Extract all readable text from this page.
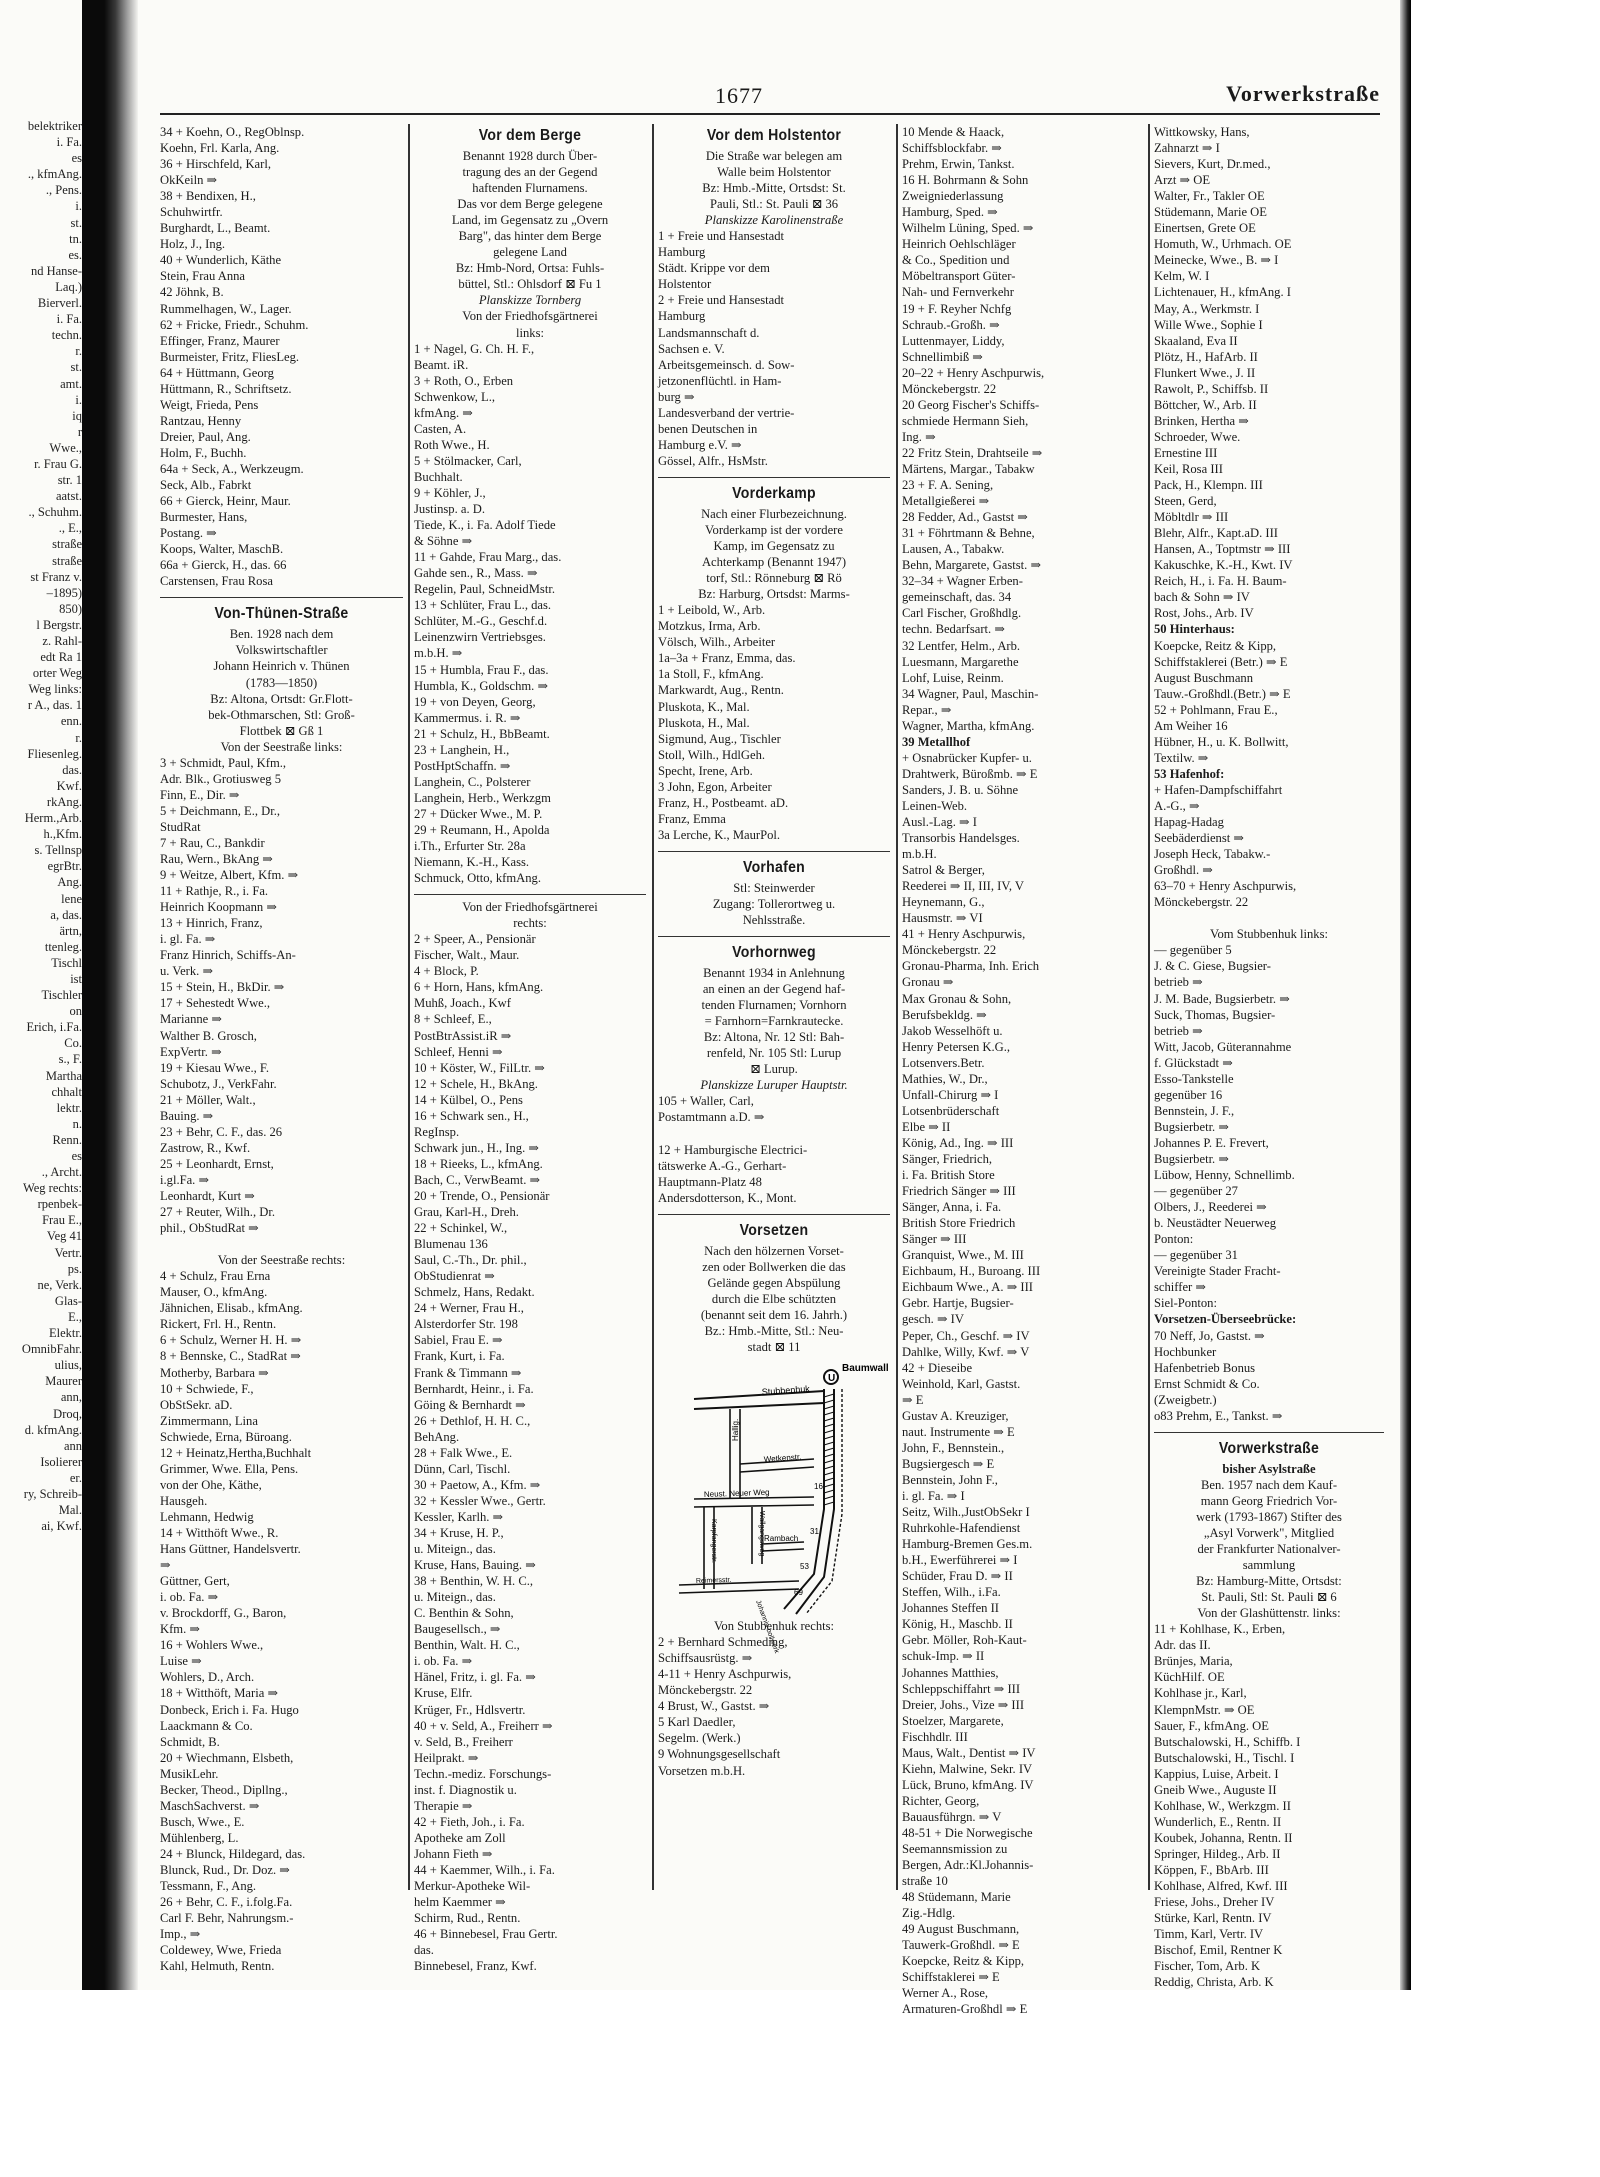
belektriker
i. Fa.
es
., kfmAng.
., Pens.
i.
st.
tn.
es.
nd Hanse-
Laq.)
Bierverl.
i. Fa.
techn.
r.
st.
amt.
i.
iq
r
Wwe.,
r. Frau G.
str. 1
aatst.
., Schuhm.
., E.,
straße
straße
st Franz v.
–1895)
850)
l Bergstr.
z. Rahl-
edt Ra 1
orter Weg
Weg links:
r A., das. 1
enn.
r.
Fliesenleg.
das.
Kwf.
rkAng.
Herm.,Arb.
h.,Kfm.
s. Tellnsp
egrBtr.
Ang.
lene
a, das.
ärtn,
ttenleg.
Tischl
ist
Tischler
on
Erich, i.Fa.
Co.
s., F.
Martha
chhalt
lektr.
n.
Renn.
es
., Archt.
Weg rechts:
rpenbek-
Frau E.,
Veg 41
Vertr.
ps.
ne, Verk.
Glas-
E.,
Elektr.
OmnibFahr.
ulius,
Maurer
ann,
Droq,
d. kfmAng.
ann
Isolierer
er.
ry, Schreib-
Mal.
ai, Kwf.
1677	Vorwerkstraße
34 + Koehn, O., RegOblnsp.
Koehn, Frl. Karla, Ang.
36 + Hirschfeld, Karl,
OkKeiln ⇒
38 + Bendixen, H.,
Schuhwirtfr.
Burghardt, L., Beamt.
Holz, J., Ing.
40 + Wunderlich, Käthe
Stein, Frau Anna
42 Jöhnk, B.
Rummelhagen, W., Lager.
62 + Fricke, Friedr., Schuhm.
Effinger, Franz, Maurer
Burmeister, Fritz, FliesLeg.
64 + Hüttmann, Georg
Hüttmann, R., Schriftsetz.
Weigt, Frieda, Pens
Rantzau, Henny
Dreier, Paul, Ang.
Holm, F., Buchh.
64a + Seck, A., Werkzeugm.
Seck, Alb., Fabrkt
66 + Gierck, Heinr, Maur.
Burmester, Hans,
Postang. ⇒
Koops, Walter, MaschB.
66a + Gierck, H., das. 66
Carstensen, Frau Rosa
Von-Thünen-Straße
Ben. 1928 nach dem
Volkswirtschaftler
Johann Heinrich v. Thünen
(1783—1850)
Bz: Altona, Ortsdt: Gr.Flott-
bek-Othmarschen, Stl: Groß-
Flottbek ⊠ Gß 1
Von der Seestraße links:
3 + Schmidt, Paul, Kfm.,
Adr. Blk., Grotiusweg 5
Finn, E., Dir. ⇒
5 + Deichmann, E., Dr.,
StudRat
7 + Rau, C., Bankdir
Rau, Wern., BkAng ⇒
9 + Weitze, Albert, Kfm. ⇒
11 + Rathje, R., i. Fa.
Heinrich Koopmann ⇒
13 + Hinrich, Franz,
i. gl. Fa. ⇒
Franz Hinrich, Schiffs-An-
u. Verk. ⇒
15 + Stein, H., BkDir. ⇒
17 + Sehestedt Wwe.,
Marianne ⇒
Walther B. Grosch,
ExpVertr. ⇒
19 + Kiesau Wwe., F.
Schubotz, J., VerkFahr.
21 + Möller, Walt.,
Bauing. ⇒
23 + Behr, C. F., das. 26
Zastrow, R., Kwf.
25 + Leonhardt, Ernst,
i.gl.Fa. ⇒
Leonhardt, Kurt ⇒
27 + Reuter, Wilh., Dr.
phil., ObStudRat ⇒

Von der Seestraße rechts:
4 + Schulz, Frau Erna
Mauser, O., kfmAng.
Jähnichen, Elisab., kfmAng.
Rickert, Frl. H., Rentn.
6 + Schulz, Werner H. H. ⇒
8 + Bennske, C., StadRat ⇒
Motherby, Barbara ⇒
10 + Schwiede, F.,
ObStSekr. aD.
Zimmermann, Lina
Schwiede, Erna, Büroang.
12 + Heinatz,Hertha,Buchhalt
Grimmer, Wwe. Ella, Pens.
von der Ohe, Käthe,
Hausgeh.
Lehmann, Hedwig
14 + Witthöft Wwe., R.
Hans Güttner, Handelsvertr.
⇒
Güttner, Gert,
i. ob. Fa. ⇒
v. Brockdorff, G., Baron,
Kfm. ⇒
16 + Wohlers Wwe.,
Luise ⇒
Wohlers, D., Arch.
18 + Witthöft, Maria ⇒
Donbeck, Erich i. Fa. Hugo
Laackmann & Co.
Schmidt, B.
20 + Wiechmann, Elsbeth,
MusikLehr.
Becker, Theod., Dipllng.,
MaschSachverst. ⇒
Busch, Wwe., E.
Mühlenberg, L.
24 + Blunck, Hildegard, das.
Blunck, Rud., Dr. Doz. ⇒
Tessmann, F., Ang.
26 + Behr, C. F., i.folg.Fa.
Carl F. Behr, Nahrungsm.-
Imp., ⇒
Coldewey, Wwe, Frieda
Kahl, Helmuth, Rentn.
Vor dem Berge
Benannt 1928 durch Über-
tragung des an der Gegend
haftenden Flurnamens.
Das vor dem Berge gelegene
Land, im Gegensatz zu „Overn
Barg", das hinter dem Berge
gelegene Land
Bz: Hmb-Nord, Ortsa: Fuhls-
büttel, Stl.: Ohlsdorf ⊠ Fu 1
Planskizze Tornberg
Von der Friedhofsgärtnerei
links:
1 + Nagel, G. Ch. H. F.,
Beamt. iR.
3 + Roth, O., Erben
Schwenkow, L.,
kfmAng. ⇒
Casten, A.
Roth Wwe., H.
5 + Stölmacker, Carl,
Buchhalt.
9 + Köhler, J.,
Justinsp. a. D.
Tiede, K., i. Fa. Adolf Tiede
& Söhne ⇒
11 + Gahde, Frau Marg., das.
Gahde sen., R., Mass. ⇒
Regelin, Paul, SchneidMstr.
13 + Schlüter, Frau L., das.
Schlüter, M.-G., Geschf.d.
Leinenzwirn Vertriebsges.
m.b.H. ⇒
15 + Humbla, Frau F., das.
Humbla, K., Goldschm. ⇒
19 + von Deyen, Georg,
Kammermus. i. R. ⇒
21 + Schulz, H., BbBeamt.
23 + Langhein, H.,
PostHptSchaffn. ⇒
Langhein, C., Polsterer
Langhein, Herb., Werkzgm
27 + Dücker Wwe., M. P.
29 + Reumann, H., Apolda
i.Th., Erfurter Str. 28a
Niemann, K.-H., Kass.
Schmuck, Otto, kfmAng.
Von der Friedhofsgärtnerei
rechts:
2 + Speer, A., Pensionär
Fischer, Walt., Maur.
4 + Block, P.
6 + Horn, Hans, kfmAng.
Muhß, Joach., Kwf
8 + Schleef, E.,
PostBtrAssist.iR ⇒
Schleef, Henni ⇒
10 + Köster, W., FilLtr. ⇒
12 + Schele, H., BkAng.
14 + Külbel, O., Pens
16 + Schwark sen., H.,
RegInsp.
Schwark jun., H., Ing. ⇒
18 + Rieeks, L., kfmAng.
Bach, C., VerwBeamt. ⇒
20 + Trende, O., Pensionär
Grau, Karl-H., Dreh.
22 + Schinkel, W.,
Blumenau 136
Saul, C.-Th., Dr. phil.,
ObStudienrat ⇒
Schmelz, Hans, Redakt.
24 + Werner, Frau H.,
Alsterdorfer Str. 198
Sabiel, Frau E. ⇒
Frank, Kurt, i. Fa.
Frank & Timmann ⇒
Bernhardt, Heinr., i. Fa.
Göing & Bernhardt ⇒
26 + Dethlof, H. H. C.,
BehAng.
28 + Falk Wwe., E.
Dünn, Carl, Tischl.
30 + Paetow, A., Kfm. ⇒
32 + Kessler Wwe., Gertr.
Kessler, Karlh. ⇒
34 + Kruse, H. P.,
u. Miteign., das.
Kruse, Hans, Bauing. ⇒
38 + Benthin, W. H. C.,
u. Miteign., das.
C. Benthin & Sohn,
Baugesellsch., ⇒
Benthin, Walt. H. C.,
i. ob. Fa. ⇒
Hänel, Fritz, i. gl. Fa. ⇒
Kruse, Elfr.
Krüger, Fr., Hdlsvertr.
40 + v. Seld, A., Freiherr ⇒
v. Seld, B., Freiherr
Heilprakt. ⇒
Techn.-mediz. Forschungs-
inst. f. Diagnostik u.
Therapie ⇒
42 + Fieth, Joh., i. Fa.
Apotheke am Zoll
Johann Fieth ⇒
44 + Kaemmer, Wilh., i. Fa.
Merkur-Apotheke Wil-
helm Kaemmer ⇒
Schirm, Rud., Rentn.
46 + Binnebesel, Frau Gertr.
das.
Binnebesel, Franz, Kwf.
Vor dem Holstentor
Die Straße war belegen am
Walle beim Holstentor
Bz: Hmb.-Mitte, Ortsdst: St.
Pauli, Stl.: St. Pauli ⊠ 36
Planskizze Karolinenstraße
1 + Freie und Hansestadt
Hamburg
Städt. Krippe vor dem
Holstentor
2 + Freie und Hansestadt
Hamburg
Landsmannschaft d.
Sachsen e. V.
Arbeitsgemeinsch. d. Sow-
jetzonenflüchtl. in Ham-
burg ⇒
Landesverband der vertrie-
benen Deutschen in
Hamburg e.V. ⇒
Gössel, Alfr., HsMstr.
Vorderkamp
Nach einer Flurbezeichnung.
Vorderkamp ist der vordere
Kamp, im Gegensatz zu
Achterkamp (Benannt 1947)
torf, Stl.: Rönneburg ⊠ Rö
Bz: Harburg, Ortsdst: Marms-
1 + Leibold, W., Arb.
Motzkus, Irma, Arb.
Völsch, Wilh., Arbeiter
1a–3a + Franz, Emma, das.
1a Stoll, F., kfmAng.
Markwardt, Aug., Rentn.
Pluskota, K., Mal.
Pluskota, H., Mal.
Sigmund, Aug., Tischler
Stoll, Wilh., HdlGeh.
Specht, Irene, Arb.
3 John, Egon, Arbeiter
Franz, H., Postbeamt. aD.
Franz, Emma
3a Lerche, K., MaurPol.
Vorhafen
Stl: Steinwerder
Zugang: Tollerortweg u.
Nehlsstraße.
Vorhornweg
Benannt 1934 in Anlehnung
an einen an der Gegend haf-
tenden Flurnamen; Vornhorn
= Farnhorn=Farnkrautecke.
Bz: Altona, Nr. 12 Stl: Bah-
renfeld, Nr. 105 Stl: Lurup
⊠ Lurup.
Planskizze Luruper Hauptstr.
105 + Waller, Carl,
Postamtmann a.D. ⇒

12 + Hamburgische Electrici-
tätswerke A.-G., Gerhart-
Hauptmann-Platz 48
Andersdotterson, K., Mont.
Vorsetzen
Nach den hölzernen Vorset-
zen oder Bollwerken die das
Gelände gegen Abspülung
durch die Elbe schützten
(benannt seit dem 16. Jahrh.)
Bz.: Hmb.-Mitte, Stl.: Neu-
stadt ⊠ 11
U
Baumwall
Stubbenhuk
Hallig.
Wetkenstr.
16
Neust. Neuer Weg
Karpfangerstr.	Wallgangsweg	31
Rambach
Reimersstr.
53
69
Johannis-bollwerk
Von Stubbenhuk rechts:
2 + Bernhard Schmeding,
Schiffsausrüstg. ⇒
4-11 + Henry Aschpurwis,
Mönckebergstr. 22
4 Brust, W., Gastst. ⇒
5 Karl Daedler,
Segelm. (Werk.)
9 Wohnungsgesellschaft
Vorsetzen m.b.H.
10 Mende & Haack,
Schiffsblockfabr. ⇒
Prehm, Erwin, Tankst.
16 H. Bohrmann & Sohn
Zweigniederlassung
Hamburg, Sped. ⇒
Wilhelm Lüning, Sped. ⇒
Heinrich Oehlschläger
& Co., Spedition und
Möbeltransport Güter-
Nah- und Fernverkehr
19 + F. Reyher Nchfg
Schraub.-Großh. ⇒
Luttenmayer, Liddy,
Schnellimbiß ⇒
20–22 + Henry Aschpurwis,
Mönckebergstr. 22
20 Georg Fischer's Schiffs-
schmiede Hermann Sieh,
Ing. ⇒
22 Fritz Stein, Drahtseile ⇒
Märtens, Margar., Tabakw
23 + F. A. Sening,
Metallgießerei ⇒
28 Fedder, Ad., Gastst ⇒
31 + Föhrtmann & Behne,
Lausen, A., Tabakw.
Behn, Margarete, Gastst. ⇒
32–34 + Wagner Erben-
gemeinschaft, das. 34
Carl Fischer, Großhdlg.
techn. Bedarfsart. ⇒
32 Lentfer, Helm., Arb.
Luesmann, Margarethe
Lohf, Luise, Reinm.
34 Wagner, Paul, Maschin-
Repar., ⇒
Wagner, Martha, kfmAng.
39 Metallhof
+ Osnabrücker Kupfer- u.
Drahtwerk, Büroßmb. ⇒ E
Sanders, J. B. u. Söhne
Leinen-Web.
Ausl.-Lag. ⇒ I
Transorbis Handelsges.
m.b.H.
Satrol & Berger,
Reederei ⇒ II, III, IV, V
Heynemann, G.,
Hausmstr. ⇒ VI
41 + Henry Aschpurwis,
Mönckebergstr. 22
Gronau-Pharma, Inh. Erich
Gronau ⇒
Max Gronau & Sohn,
Berufsbekldg. ⇒
Jakob Wesselhöft u.
Henry Petersen K.G.,
Lotsenvers.Betr.
Mathies, W., Dr.,
Unfall-Chirurg ⇒ I
Lotsenbrüderschaft
Elbe ⇒ II
König, Ad., Ing. ⇒ III
Sänger, Friedrich,
i. Fa. British Store
Friedrich Sänger ⇒ III
Sänger, Anna, i. Fa.
British Store Friedrich
Sänger ⇒ III
Granquist, Wwe., M. III
Eichbaum, H., Buroang. III
Eichbaum Wwe., A. ⇒ III
Gebr. Hartje, Bugsier-
gesch. ⇒ IV
Peper, Ch., Geschf. ⇒ IV
Dahlke, Willy, Kwf. ⇒ V
42 + Dieseibe
Weinhold, Karl, Gastst.
⇒ E
Gustav A. Kreuziger,
naut. Instrumente ⇒ E
John, F., Bennstein.,
Bugsiergesch ⇒ E
Bennstein, John F.,
i. gl. Fa. ⇒ I
Seitz, Wilh.,JustObSekr I
Ruhrkohle-Hafendienst
Hamburg-Bremen Ges.m.
b.H., Ewerführerei ⇒ I
Schüder, Frau D. ⇒ II
Steffen, Wilh., i.Fa.
Johannes Steffen II
König, H., Maschb. II
Gebr. Möller, Roh-Kaut-
schuk-Imp. ⇒ II
Johannes Matthies,
Schleppschiffahrt ⇒ III
Dreier, Johs., Vize ⇒ III
Stoelzer, Margarete,
Fischhdlr. III
Maus, Walt., Dentist ⇒ IV
Kiehn, Malwine, Sekr. IV
Lück, Bruno, kfmAng. IV
Richter, Georg,
Bauausführgn. ⇒ V
48-51 + Die Norwegische
Seemannsmission zu
Bergen, Adr.:Kl.Johannis-
straße 10
48 Stüdemann, Marie
Zig.-Hdlg.
49 August Buschmann,
Tauwerk-Großhdl. ⇒ E
Koepcke, Reitz & Kipp,
Schiffstaklerei ⇒ E
Werner A., Rose,
Armaturen-Großhdl ⇒ E
Wittkowsky, Hans,
Zahnarzt ⇒ I
Sievers, Kurt, Dr.med.,
Arzt ⇒ OE
Walter, Fr., Takler OE
Stüdemann, Marie OE
Einertsen, Grete OE
Homuth, W., Urhmach. OE
Meinecke, Wwe., B. ⇒ I
Kelm, W. I
Lichtenauer, H., kfmAng. I
May, A., Werkmstr. I
Wille Wwe., Sophie I
Skaaland, Eva II
Plötz, H., HafArb. II
Flunkert Wwe., J. II
Rawolt, P., Schiffsb. II
Böttcher, W., Arb. II
Brinken, Hertha ⇒
Schroeder, Wwe.
Ernestine III
Keil, Rosa III
Pack, H., Klempn. III
Steen, Gerd,
Möbltdlr ⇒ III
Blehr, Alfr., Kapt.aD. III
Hansen, A., Toptmstr ⇒ III
Kakuschke, K.-H., Kwt. IV
Reich, H., i. Fa. H. Baum-
bach & Sohn ⇒ IV
Rost, Johs., Arb. IV
50 Hinterhaus:
Koepcke, Reitz & Kipp,
Schiffstaklerei (Betr.) ⇒ E
August Buschmann
Tauw.-Großhdl.(Betr.) ⇒ E
52 + Pohlmann, Frau E.,
Am Weiher 16
Hübner, H., u. K. Bollwitt,
Textilw. ⇒
53 Hafenhof:
+ Hafen-Dampfschiffahrt
A.-G., ⇒
Hapag-Hadag
Seebäderdienst ⇒
Joseph Heck, Tabakw.-
Großhdl. ⇒
63–70 + Henry Aschpurwis,
Mönckebergstr. 22

Vom Stubbenhuk links:
— gegenüber 5
J. & C. Giese, Bugsier-
betrieb ⇒
J. M. Bade, Bugsierbetr. ⇒
Suck, Thomas, Bugsier-
betrieb ⇒
Witt, Jacob, Güterannahme
f. Glückstadt ⇒
Esso-Tankstelle
gegenüber 16
Bennstein, J. F.,
Bugsierbetr. ⇒
Johannes P. E. Frevert,
Bugsierbetr. ⇒
Lübow, Henny, Schnellimb.
— gegenüber 27
Olbers, J., Reederei ⇒
b. Neustädter Neuerweg
Ponton:
— gegenüber 31
Vereinigte Stader Fracht-
schiffer ⇒
Siel-Ponton:
Vorsetzen-Überseebrücke:
70 Neff, Jo, Gastst. ⇒
Hochbunker
Hafenbetrieb Bonus
Ernst Schmidt & Co.
(Zweigbetr.)
o83 Prehm, E., Tankst. ⇒
Vorwerkstraße
bisher Asylstraße
Ben. 1957 nach dem Kauf-
mann Georg Friedrich Vor-
werk (1793-1867) Stifter des
„Asyl Vorwerk", Mitglied
der Frankfurter Nationalver-
sammlung
Bz: Hamburg-Mitte, Ortsdst:
St. Pauli, Stl: St. Pauli ⊠ 6
Von der Glashüttenstr. links:
11 + Kohlhase, K., Erben,
Adr. das II.
Brünjes, Maria,
KüchHilf. OE
Kohlhase jr., Karl,
KlempnMstr. ⇒ OE
Sauer, F., kfmAng. OE
Butschalowski, H., Schiffb. I
Butschalowski, H., Tischl. I
Kappius, Luise, Arbeit. I
Gneib Wwe., Auguste II
Kohlhase, W., Werkzgm. II
Wunderlich, E., Rentn. II
Koubek, Johanna, Rentn. II
Springer, Hildeg., Arb. II
Köppen, F., BbArb. III
Kohlhase, Alfred, Kwf. III
Friese, Johs., Dreher IV
Stürke, Karl, Rentn. IV
Timm, Karl, Vertr. IV
Bischof, Emil, Rentner K
Fischer, Tom, Arb. K
Reddig, Christa, Arb. K
